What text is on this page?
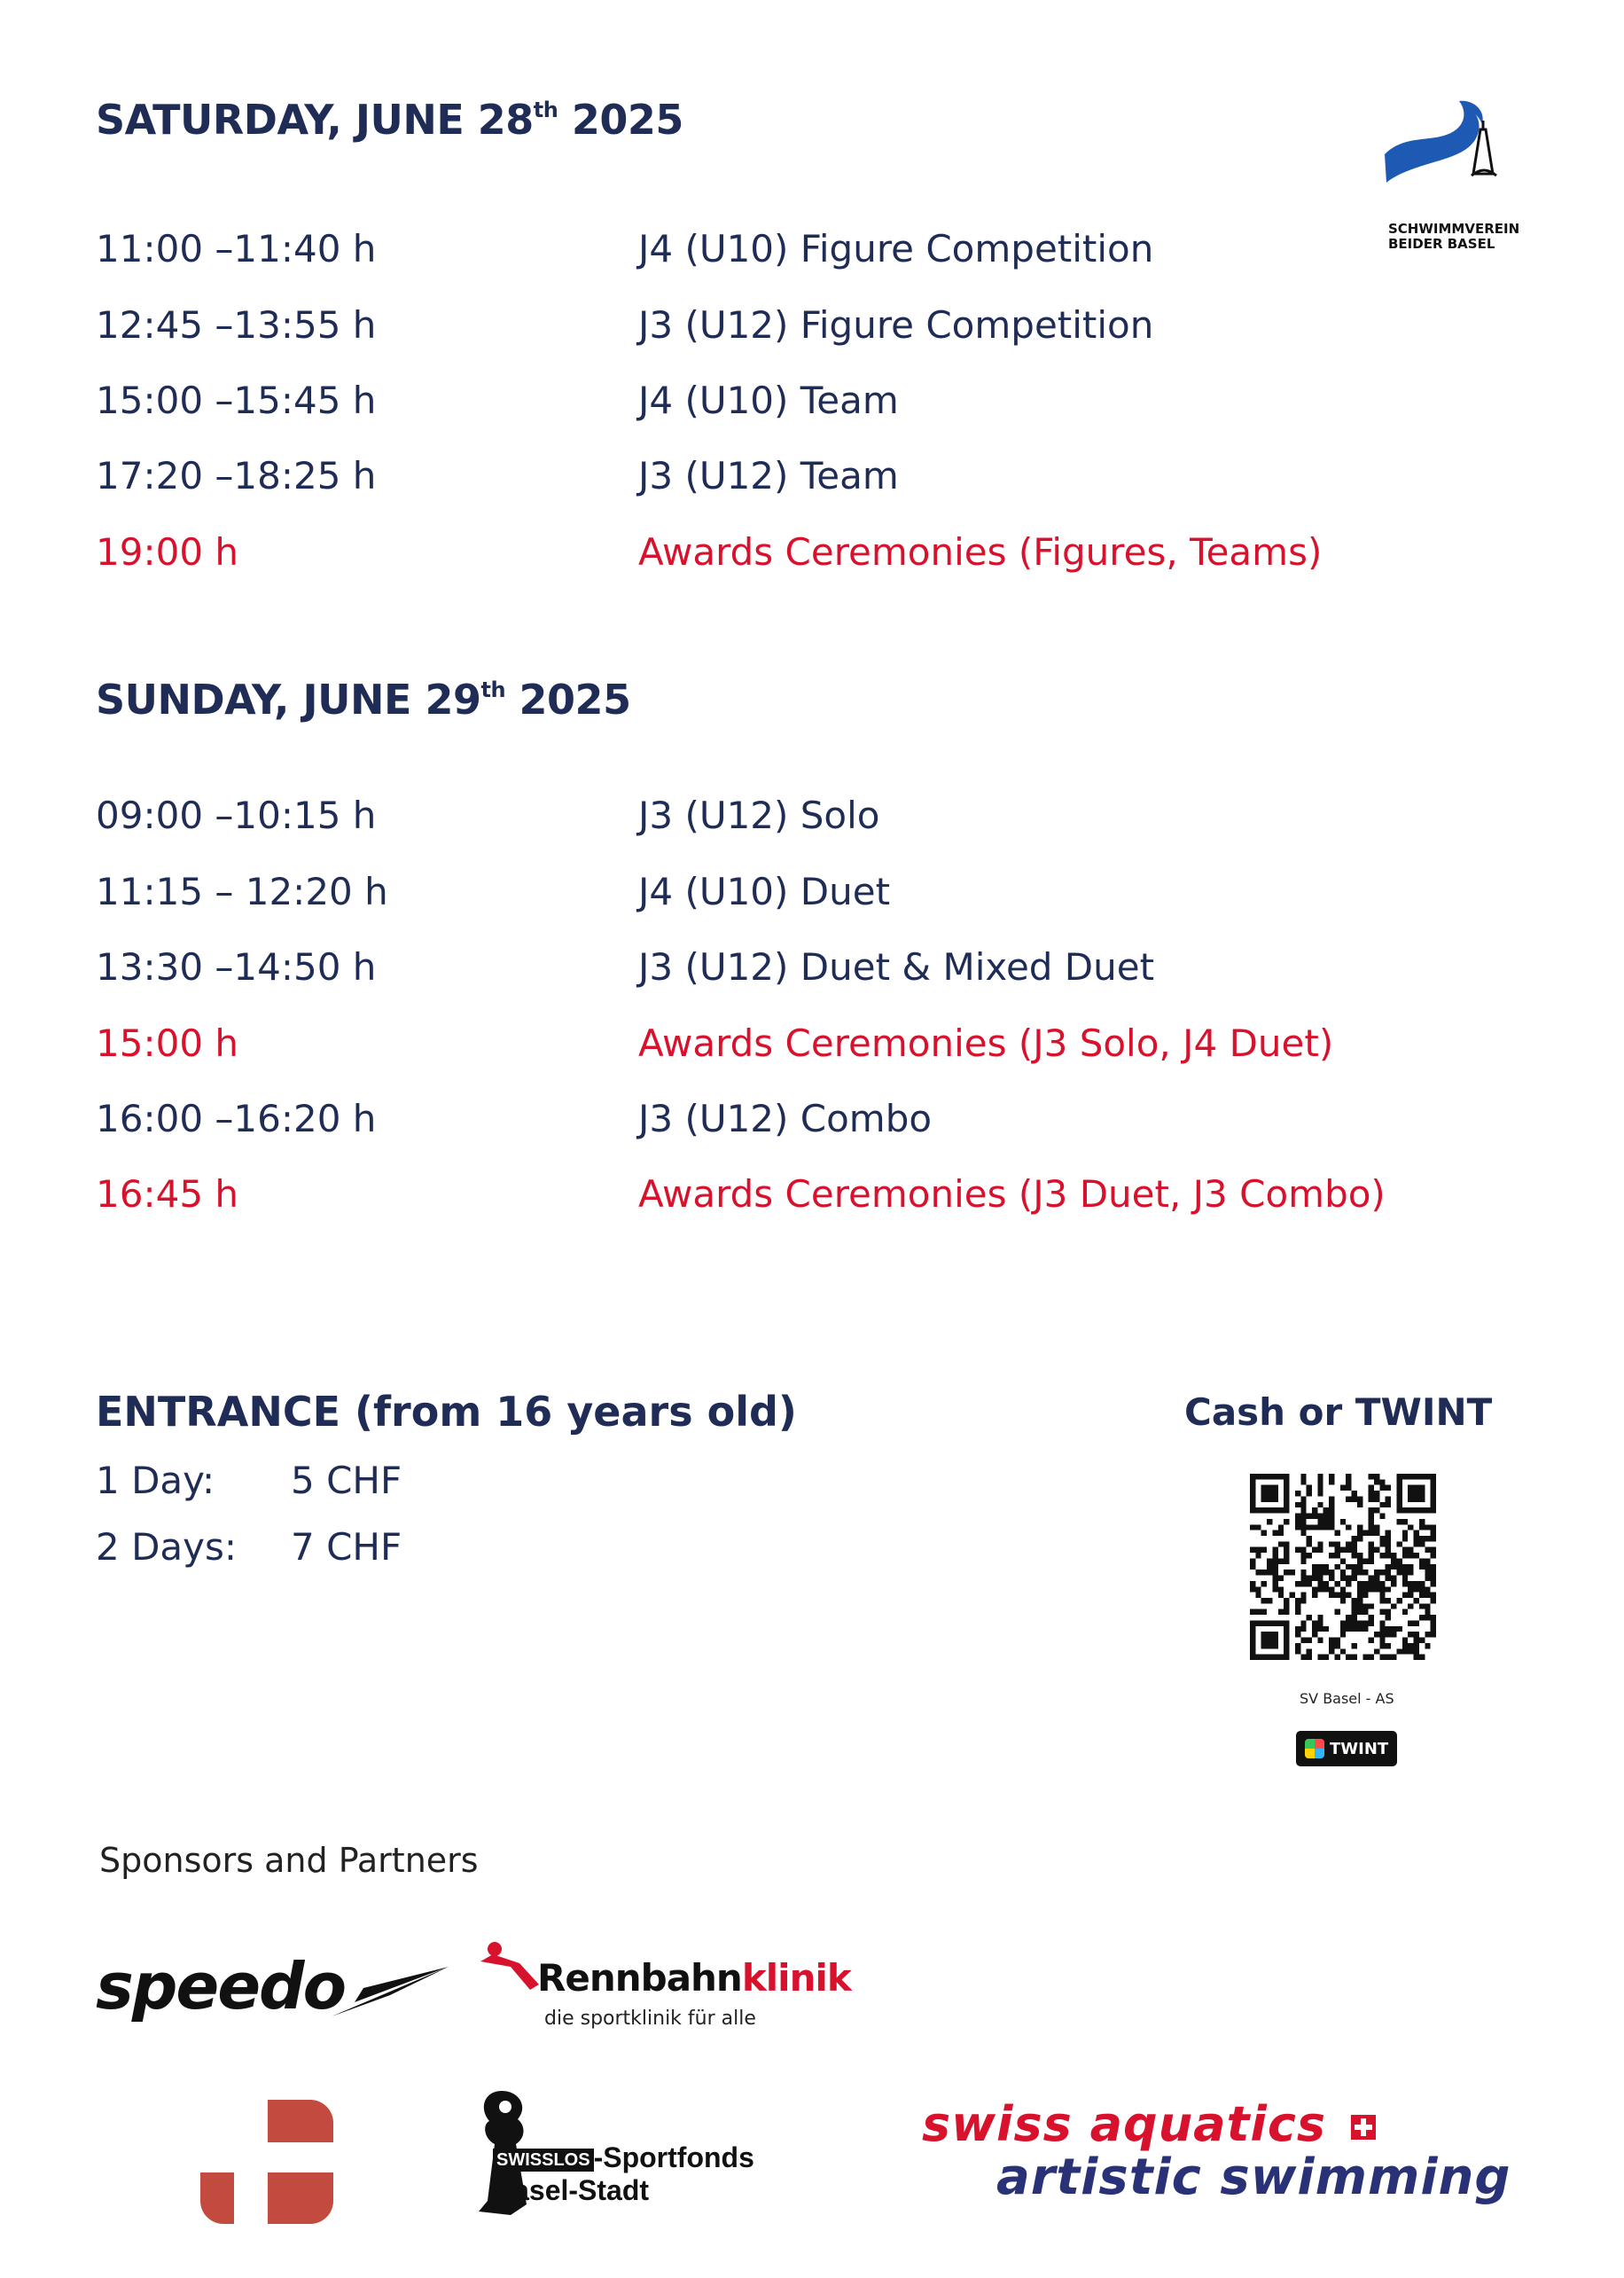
SATURDAY, JUNE 28th 2025
11:00 –11:40 h	J4 (U10) Figure Competition
12:45 –13:55 h	J3 (U12) Figure Competition
15:00 –15:45 h	J4 (U10) Team
17:20 –18:25 h	J3 (U12) Team
19:00 h	Awards Ceremonies (Figures, Teams)
SUNDAY, JUNE 29th 2025
09:00 –10:15 h	J3 (U12) Solo
11:15 – 12:20 h	J4 (U10) Duet
13:30 –14:50 h	J3 (U12) Duet & Mixed Duet
15:00 h	Awards Ceremonies (J3 Solo, J4 Duet)
16:00 –16:20 h	J3 (U12) Combo
16:45 h	Awards Ceremonies (J3 Duet, J3 Combo)
ENTRANCE (from 16 years old)
1 Day: 5 CHF
2 Days: 7 CHF
Cash or TWINT
SV Basel - AS
TWINT
SCHWIMMVEREIN
BEIDER BASEL
Sponsors and Partners
speedo	Rennbahnklinik
die sportklinik für alle
SWISSLOS -Sportfonds
Basel-Stadt
swiss aquatics
artistic swimming
